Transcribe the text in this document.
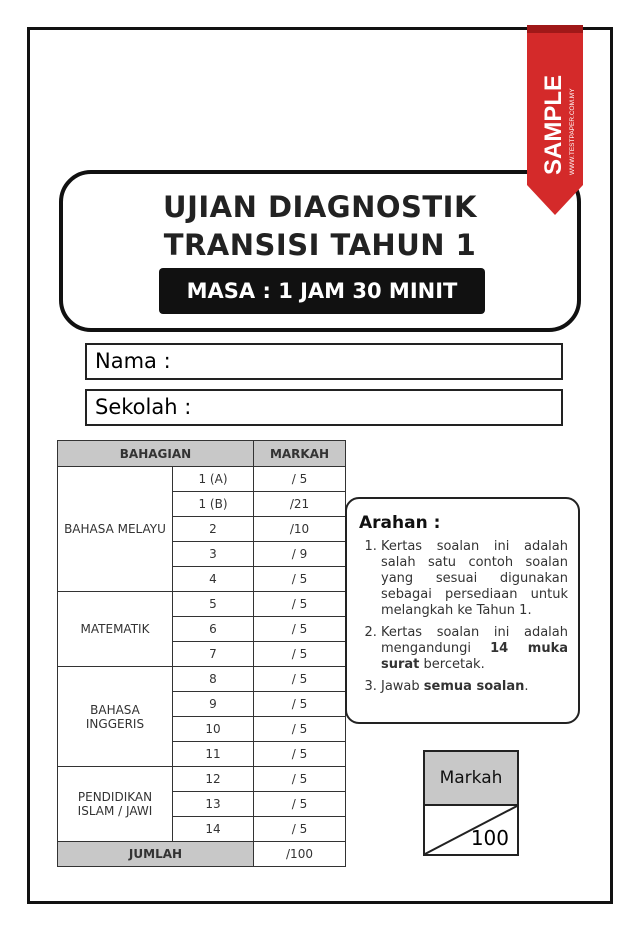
UJIAN DIAGNOSTIK
TRANSISI TAHUN 1
MASA : 1 JAM 30 MINIT
SAMPLE WWW.TESTPAPER.COM.MY
Nama :
Sekolah :
BAHAGIAN		MARKAH
BAHASA MELAYU	1 (A)	/ 5
	1 (B)	/21
	2	/10
	3	/ 9
	4	/ 5
MATEMATIK	5	/ 5
	6	/ 5
	7	/ 5
BAHASA INGGERIS	8	/ 5
	9	/ 5
	10	/ 5
	11	/ 5
PENDIDIKAN ISLAM / JAWI	12	/ 5
	13	/ 5
	14	/ 5
JUMLAH		/100
Arahan :
1. Kertas soalan ini adalah salah satu contoh soalan yang sesuai digunakan sebagai persediaan untuk melangkah ke Tahun 1.
2. Kertas soalan ini adalah mengandungi 14 muka surat bercetak.
3. Jawab semua soalan.
Markah
100
